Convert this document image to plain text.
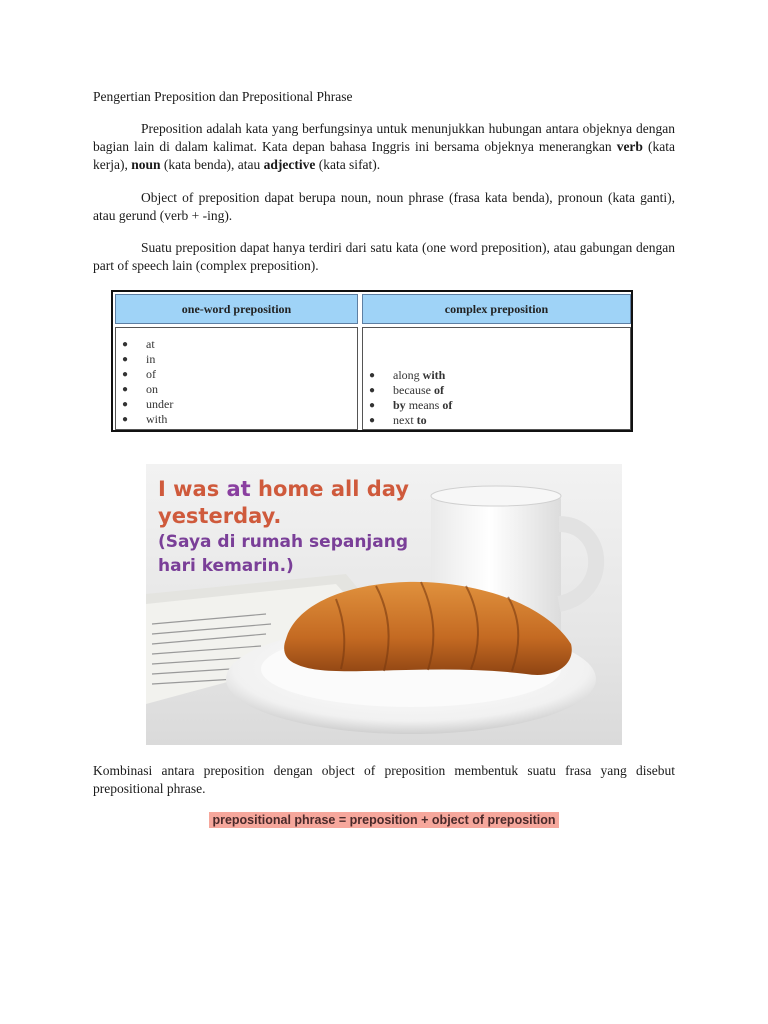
Pengertian Preposition dan Prepositional Phrase
Preposition adalah kata yang berfungsinya untuk menunjukkan hubungan antara objeknya dengan bagian lain di dalam kalimat. Kata depan bahasa Inggris ini bersama objeknya menerangkan verb (kata kerja), noun (kata benda), atau adjective (kata sifat).
Object of preposition dapat berupa noun, noun phrase (frasa kata benda), pronoun (kata ganti), atau gerund (verb + -ing).
Suatu preposition dapat hanya terdiri dari satu kata (one word preposition), atau gabungan dengan part of speech lain (complex preposition).
Kombinasi antara preposition dengan object of preposition membentuk suatu frasa yang disebut prepositional phrase.
prepositional phrase = preposition + object of preposition
one-word preposition	complex preposition
● at
● in
● of
● on
● under
● with
● along with
● because of
● by means of
● next to
I was at home all day
yesterday.
(Saya di rumah sepanjang
hari kemarin.)
